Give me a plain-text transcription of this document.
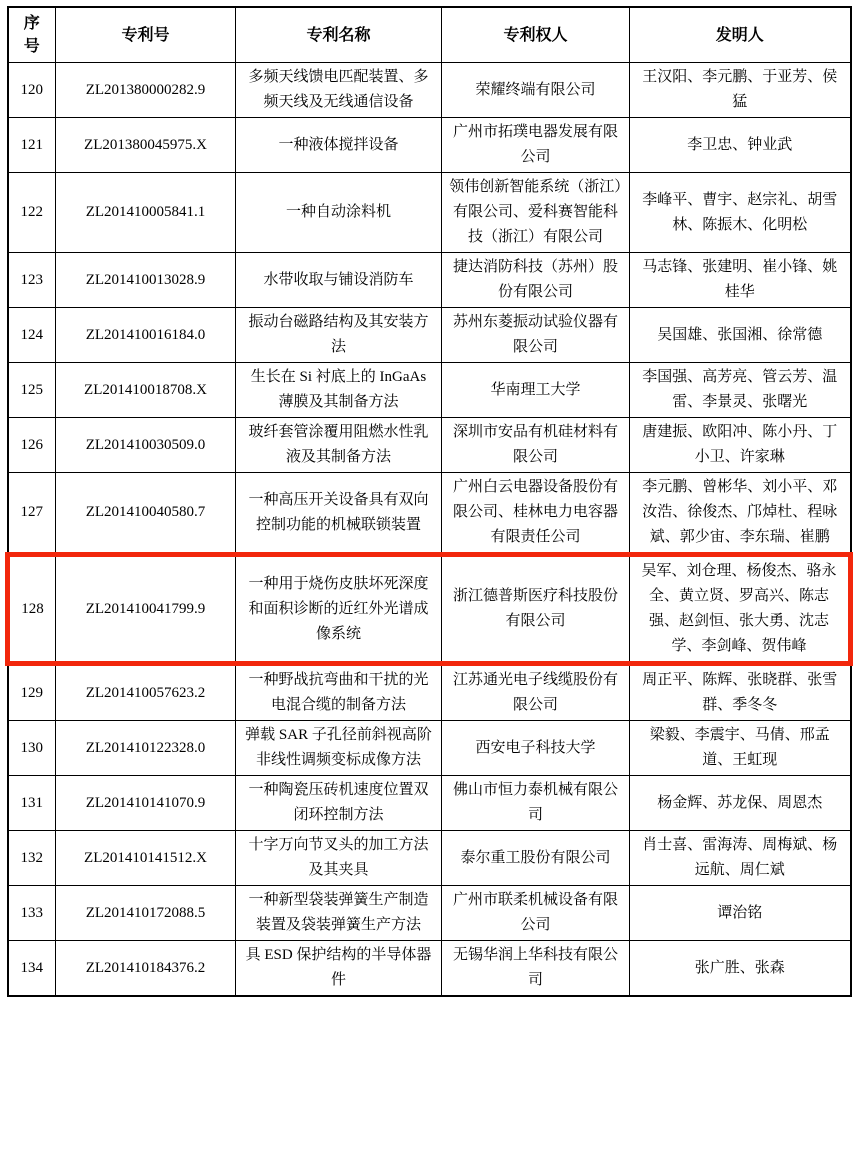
序号	专利号	专利名称	专利权人	发明人
120	ZL201380000282.9	多频天线馈电匹配装置、多频天线及无线通信设备	荣耀终端有限公司	王汉阳、李元鹏、于亚芳、侯猛
121	ZL201380045975.X	一种液体搅拌设备	广州市拓璞电器发展有限公司	李卫忠、钟业武
122	ZL201410005841.1	一种自动涂料机	领伟创新智能系统（浙江）有限公司、爱科赛智能科技（浙江）有限公司	李峰平、曹宇、赵宗礼、胡雪林、陈振木、化明松
123	ZL201410013028.9	水带收取与铺设消防车	捷达消防科技（苏州）股份有限公司	马志锋、张建明、崔小锋、姚桂华
124	ZL201410016184.0	振动台磁路结构及其安装方法	苏州东菱振动试验仪器有限公司	吴国雄、张国湘、徐常德
125	ZL201410018708.X	生长在 Si 衬底上的 InGaAs 薄膜及其制备方法	华南理工大学	李国强、高芳亮、管云芳、温雷、李景灵、张曙光
126	ZL201410030509.0	玻纤套管涂覆用阻燃水性乳液及其制备方法	深圳市安品有机硅材料有限公司	唐建振、欧阳冲、陈小丹、丁小卫、许家琳
127	ZL201410040580.7	一种高压开关设备具有双向控制功能的机械联锁装置	广州白云电器设备股份有限公司、桂林电力电容器有限责任公司	李元鹏、曾彬华、刘小平、邓汝浩、徐俊杰、邝焯杜、程咏斌、郭少宙、李东瑞、崔鹏
128	ZL201410041799.9	一种用于烧伤皮肤坏死深度和面积诊断的近红外光谱成像系统	浙江德普斯医疗科技股份有限公司	吴军、刘仓理、杨俊杰、骆永全、黄立贤、罗高兴、陈志强、赵剑恒、张大勇、沈志学、李剑峰、贺伟峰
129	ZL201410057623.2	一种野战抗弯曲和干扰的光电混合缆的制备方法	江苏通光电子线缆股份有限公司	周正平、陈辉、张晓群、张雪群、季冬冬
130	ZL201410122328.0	弹载 SAR 子孔径前斜视高阶非线性调频变标成像方法	西安电子科技大学	梁毅、李震宇、马倩、邢孟道、王虹现
131	ZL201410141070.9	一种陶瓷压砖机速度位置双闭环控制方法	佛山市恒力泰机械有限公司	杨金辉、苏龙保、周恩杰
132	ZL201410141512.X	十字万向节叉头的加工方法及其夹具	泰尔重工股份有限公司	肖士喜、雷海涛、周梅斌、杨远航、周仁斌
133	ZL201410172088.5	一种新型袋装弹簧生产制造装置及袋装弹簧生产方法	广州市联柔机械设备有限公司	谭治铭
134	ZL201410184376.2	具 ESD 保护结构的半导体器件	无锡华润上华科技有限公司	张广胜、张森
